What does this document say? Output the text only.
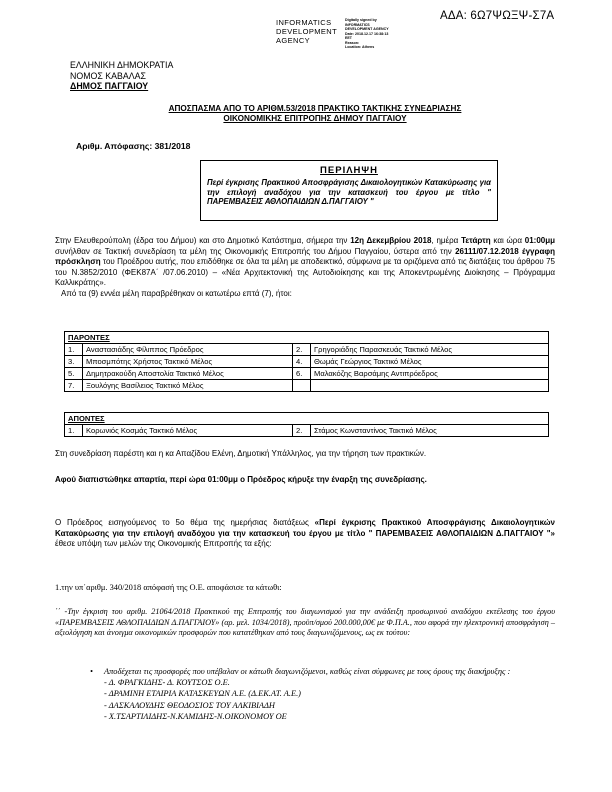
ΑΔΑ: 6Ω7ΨΩΞΨ-Σ7Α
INFORMATICS
DEVELOPMENT
AGENCY
Digitally signed by
INFORMATICS
DEVELOPMENT AGENCY
Date: 2018.12.17 16:38:13
EET
Reason:
Location: Athens
ΕΛΛΗΝΙΚΗ ΔΗΜΟΚΡΑΤΙΑ
ΝΟΜΟΣ ΚΑΒΑΛΑΣ
ΔΗΜΟΣ ΠΑΓΓΑΙΟΥ
ΑΠΟΣΠΑΣΜΑ ΑΠΟ ΤΟ ΑΡΙΘΜ.53/2018 ΠΡΑΚΤΙΚΟ ΤΑΚΤΙΚΗΣ ΣΥΝΕΔΡΙΑΣΗΣ
ΟΙΚΟΝΟΜΙΚΗΣ ΕΠΙΤΡΟΠΗΣ ΔΗΜΟΥ ΠΑΓΓΑΙΟΥ
Αριθμ. Απόφασης: 381/2018
ΠΕΡΙΛΗΨΗ
Περί έγκρισης Πρακτικού Αποσφράγισης Δικαιολογητικών Κατακύρωσης για την επιλογή αναδόχου για την κατασκευή του έργου με τίτλο " ΠΑΡΕΜΒΑΣΕΙΣ ΑΘΛΟΠΑΙΔΙΩΝ Δ.ΠΑΓΓΑΙΟΥ "
Στην Ελευθερούπολη (έδρα του Δήμου) και στο Δημοτικό Κατάστημα, σήμερα την 12η Δεκεμβρίου 2018, ημέρα Τετάρτη και ώρα 01:00μμ συνήλθαν σε Τακτική συνεδρίαση τα μέλη της Οικονομικής Επιτροπής του Δήμου Παγγαίου, ύστερα από την 26111/07.12.2018 έγγραφη πρόσκληση του Προέδρου αυτής, που επιδόθηκε σε όλα τα μέλη με αποδεικτικό, σύμφωνα με τα οριζόμενα από τις διατάξεις του άρθρου 75 του Ν.3852/2010 (ΦΕΚ87Α΄ /07.06.2010) – «Νέα Αρχιτεκτονική της Αυτοδιοίκησης και της Αποκεντρωμένης Διοίκησης – Πρόγραμμα Καλλικράτης».
Από τα (9) εννέα μέλη παραβρέθηκαν οι κατωτέρω επτά (7), ήτοι:
ΠΑΡΟΝΤΕΣ			
1.	Αναστασιάδης Φίλιππος Πρόεδρος	2.	Γρηγοριάδης Παρασκευάς Τακτικό Μέλος
3.	Μποσμπότης Χρήστος Τακτικό Μέλος	4.	Θωμάς Γεώργιος Τακτικό Μέλος
5.	Δημητρακούδη Αποστολία Τακτικό Μέλος	6.	Μαλακόζης Βαρσάμης Αντιπρόεδρος
7.	Ξουλόγης Βασίλειος Τακτικό Μέλος		
ΑΠΟΝΤΕΣ
1.	Κορωνιός Κοσμάς Τακτικό Μέλος	2.	Στάμος Κωνσταντίνος Τακτικό Μέλος
Στη συνεδρίαση παρέστη και η κα Απαζίδου Ελένη, Δημοτική Υπάλληλος, για την τήρηση των πρακτικών.
Αφού διαπιστώθηκε απαρτία, περί ώρα 01:00μμ ο Πρόεδρος κήρυξε την έναρξη της συνεδρίασης.
Ο Πρόεδρος εισηγούμενος το 5ο θέμα της ημερήσιας διατάξεως «Περί έγκρισης Πρακτικού Αποσφράγισης Δικαιολογητικών Κατακύρωσης για την επιλογή αναδόχου για την κατασκευή του έργου με τίτλο " ΠΑΡΕΜΒΑΣΕΙΣ ΑΘΛΟΠΑΙΔΙΩΝ Δ.ΠΑΓΓΑΙΟΥ "» έθεσε υπόψη των μελών της Οικονομικής Επιτροπής τα εξής:
1.την υπ΄αριθμ. 340/2018 απόφασή της Ο.Ε. αποφάσισε τα κάτωθι:
΄΄ -Την έγκριση του αριθμ. 21064/2018 Πρακτικού της Επιτροπής του διαγωνισμού για την ανάδειξη προσωρινού αναδόχου εκτέλεσης του έργου «ΠΑΡΕΜΒΑΣΕΙΣ ΑΘΛΟΠΑΙΔΙΩΝ Δ.ΠΑΓΓΑΙΟΥ» (αρ. μελ. 1034/2018), προϋπ/σμού 200.000,00€ με Φ.Π.Α., που αφορά την ηλεκτρονική αποσφράγιση – αξιολόγηση και άνοιγμα οικονομικών προσφορών που κατατέθηκαν από τους διαγωνιζόμενους, ως εκ τούτου:
•	Αποδέχεται τις προσφορές που υπέβαλαν οι κάτωθι διαγωνιζόμενοι, καθώς είναι σύμφωνες με τους όρους της διακήρυξης :
- Δ. ΦΡΑΓΚΙΔΗΣ- Δ. ΚΟΥΤΣΟΣ Ο.Ε.
- ΔΡΑΜΙΝΗ ΕΤΑΙΡΙΑ ΚΑΤΑΣΚΕΥΩΝ Α.Ε. (Δ.ΕΚ.ΑΤ. Α.Ε.)
- ΔΑΣΚΑΛΟΥΔΗΣ ΘΕΟΔΟΣΙΟΣ ΤΟΥ ΑΛΚΙΒΙΑΔΗ
- Χ.ΤΣΑΡΤΙΛΙΔΗΣ-Ν.ΚΑΜΙΔΗΣ-Ν.ΟΙΚΟΝΟΜΟΥ ΟΕ
